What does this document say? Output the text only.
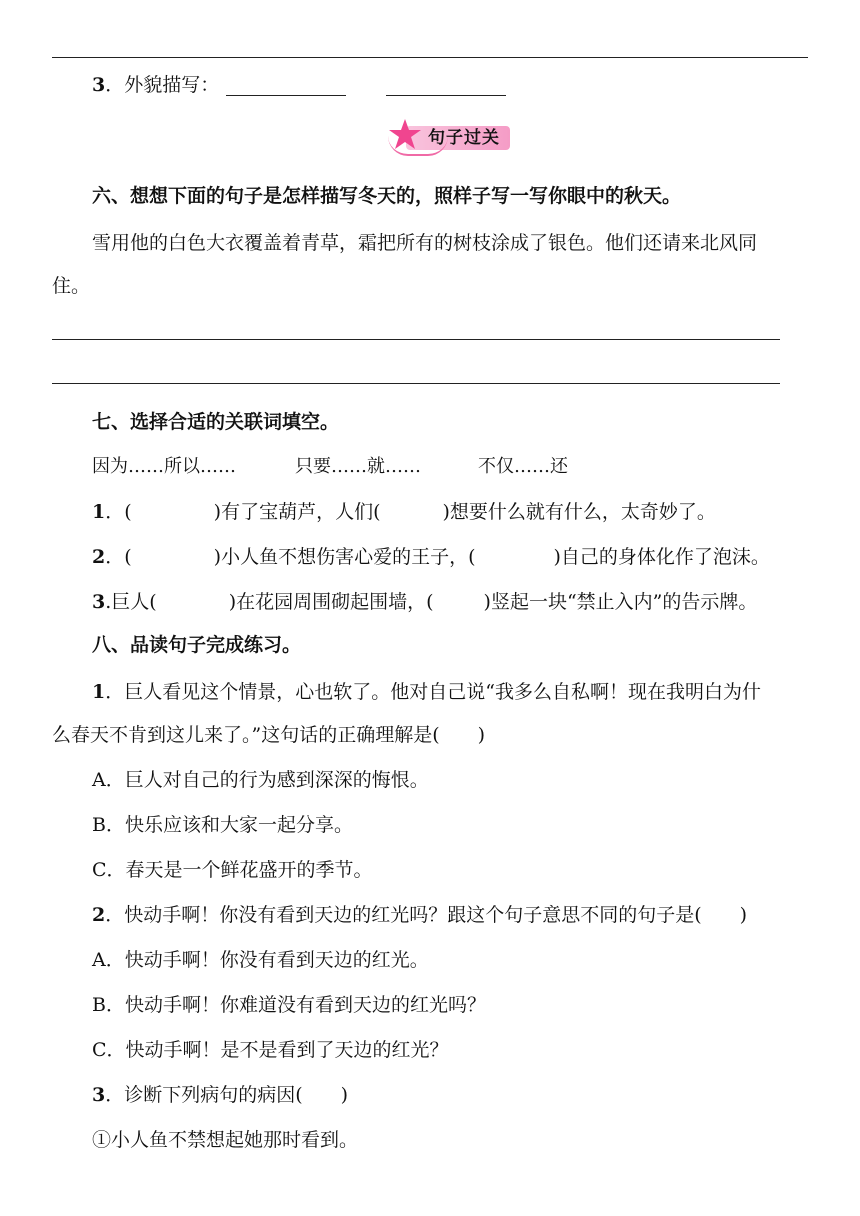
3．外貌描写：
句子过关
六、想想下面的句子是怎样描写冬天的，照样子写一写你眼中的秋天。
雪用他的白色大衣覆盖着青草，霜把所有的树枝涂成了银色。他们还请来北风同
住。
七、选择合适的关联词填空。
因为……所以……	只要……就……	不仅……还
1．(	)有了宝葫芦，人们(	)想要什么就有什么，太奇妙了。
2．(	)小人鱼不想伤害心爱的王子，(	)自己的身体化作了泡沫。
3.巨人(	)在花园周围砌起围墙，(	)竖起一块“禁止入内”的告示牌。
八、品读句子完成练习。
1．巨人看见这个情景，心也软了。他对自己说“我多么自私啊！现在我明白为什
么春天不肯到这儿来了。”这句话的正确理解是(　　)
A．巨人对自己的行为感到深深的悔恨。
B．快乐应该和大家一起分享。
C．春天是一个鲜花盛开的季节。
2．快动手啊！你没有看到天边的红光吗？跟这个句子意思不同的句子是(　　)
A．快动手啊！你没有看到天边的红光。
B．快动手啊！你难道没有看到天边的红光吗？
C．快动手啊！是不是看到了天边的红光？
3．诊断下列病句的病因(　　)
①小人鱼不禁想起她那时看到。
